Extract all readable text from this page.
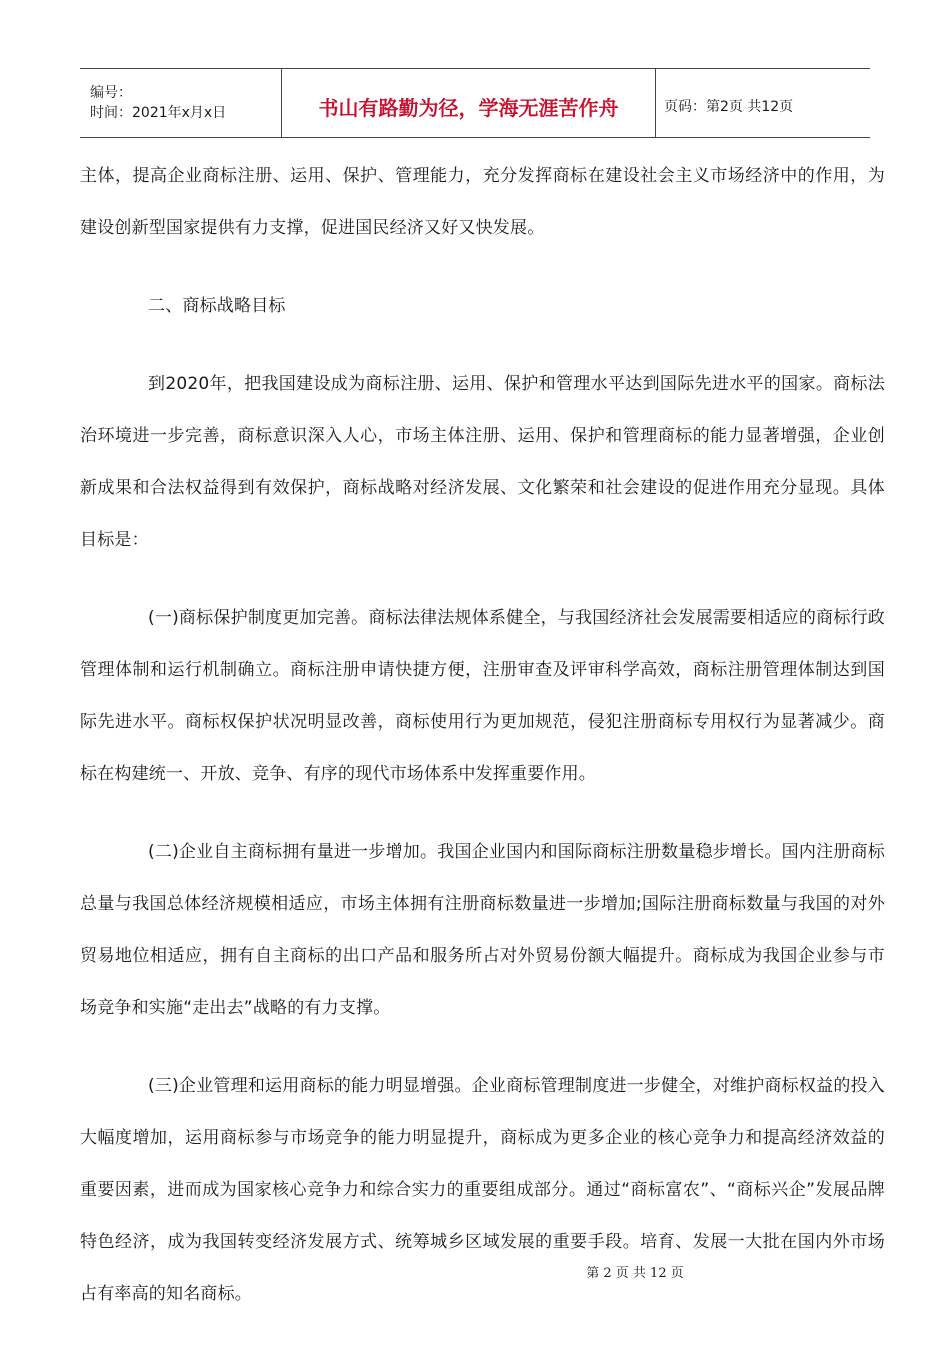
编号：
时间：2021年x月x日	书山有路勤为径，学海无涯苦作舟	页码：第2页 共12页

主体，提高企业商标注册、运用、保护、管理能力，充分发挥商标在建设社会主义市场经济中的作用，为建设创新型国家提供有力支撑，促进国民经济又好又快发展。

二、商标战略目标

到2020年，把我国建设成为商标注册、运用、保护和管理水平达到国际先进水平的国家。商标法治环境进一步完善，商标意识深入人心，市场主体注册、运用、保护和管理商标的能力显著增强，企业创新成果和合法权益得到有效保护，商标战略对经济发展、文化繁荣和社会建设的促进作用充分显现。具体目标是：

(一)商标保护制度更加完善。商标法律法规体系健全，与我国经济社会发展需要相适应的商标行政管理体制和运行机制确立。商标注册申请快捷方便，注册审查及评审科学高效，商标注册管理体制达到国际先进水平。商标权保护状况明显改善，商标使用行为更加规范，侵犯注册商标专用权行为显著减少。商标在构建统一、开放、竞争、有序的现代市场体系中发挥重要作用。

(二)企业自主商标拥有量进一步增加。我国企业国内和国际商标注册数量稳步增长。国内注册商标总量与我国总体经济规模相适应，市场主体拥有注册商标数量进一步增加;国际注册商标数量与我国的对外贸易地位相适应，拥有自主商标的出口产品和服务所占对外贸易份额大幅提升。商标成为我国企业参与市场竞争和实施“走出去”战略的有力支撑。

(三)企业管理和运用商标的能力明显增强。企业商标管理制度进一步健全，对维护商标权益的投入大幅度增加，运用商标参与市场竞争的能力明显提升，商标成为更多企业的核心竞争力和提高经济效益的重要因素，进而成为国家核心竞争力和综合实力的重要组成部分。通过“商标富农”、“商标兴企”发展品牌特色经济，成为我国转变经济发展方式、统筹城乡区域发展的重要手段。培育、发展一大批在国内外市场占有率高的知名商标。

第 2 页 共 12 页
